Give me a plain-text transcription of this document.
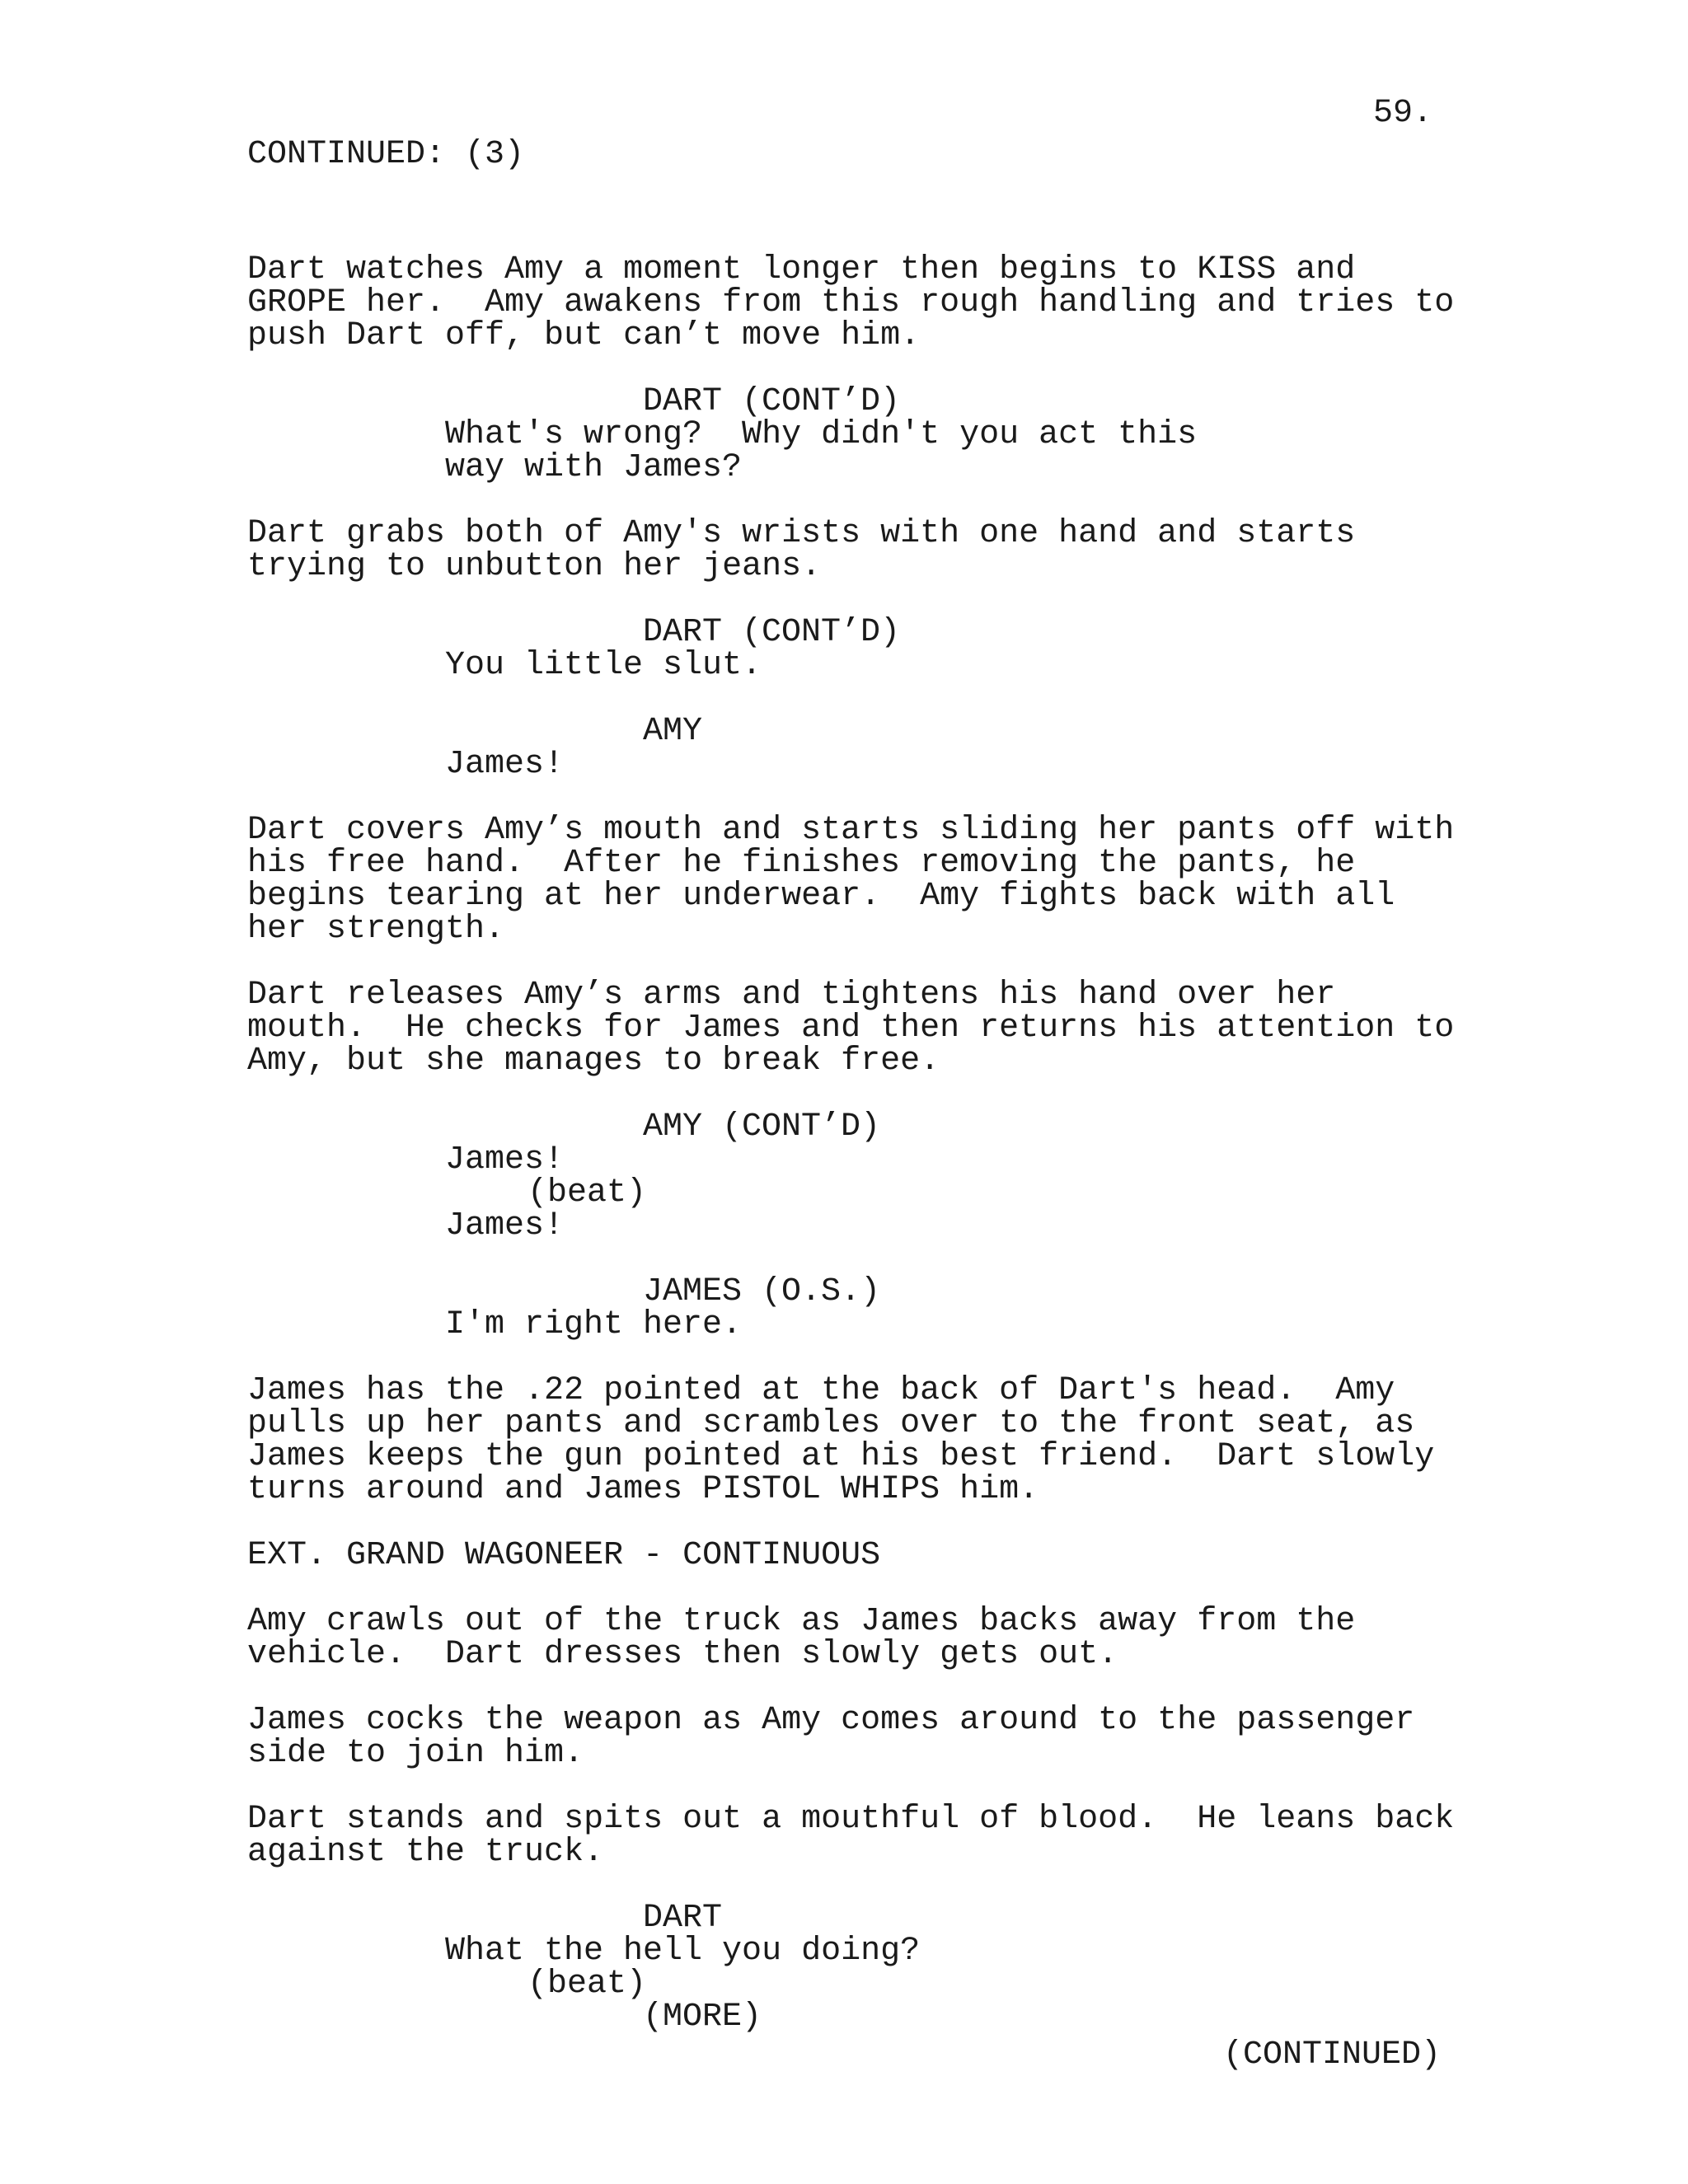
59.
CONTINUED: (3)
Dart watches Amy a moment longer then begins to KISS and
GROPE her.  Amy awakens from this rough handling and tries to
push Dart off, but can’t move him.
DART (CONT’D)
What's wrong?  Why didn't you act this
way with James?
Dart grabs both of Amy's wrists with one hand and starts
trying to unbutton her jeans.
DART (CONT’D)
You little slut.
AMY
James!
Dart covers Amy’s mouth and starts sliding her pants off with
his free hand.  After he finishes removing the pants, he
begins tearing at her underwear.  Amy fights back with all
her strength.
Dart releases Amy’s arms and tightens his hand over her
mouth.  He checks for James and then returns his attention to
Amy, but she manages to break free.
AMY (CONT’D)
James!
(beat)
James!
JAMES (O.S.)
I'm right here.
James has the .22 pointed at the back of Dart's head.  Amy
pulls up her pants and scrambles over to the front seat, as
James keeps the gun pointed at his best friend.  Dart slowly
turns around and James PISTOL WHIPS him.
EXT. GRAND WAGONEER - CONTINUOUS
Amy crawls out of the truck as James backs away from the
vehicle.  Dart dresses then slowly gets out.
James cocks the weapon as Amy comes around to the passenger
side to join him.
Dart stands and spits out a mouthful of blood.  He leans back
against the truck.
DART
What the hell you doing?
(beat)
(MORE)
(CONTINUED)
